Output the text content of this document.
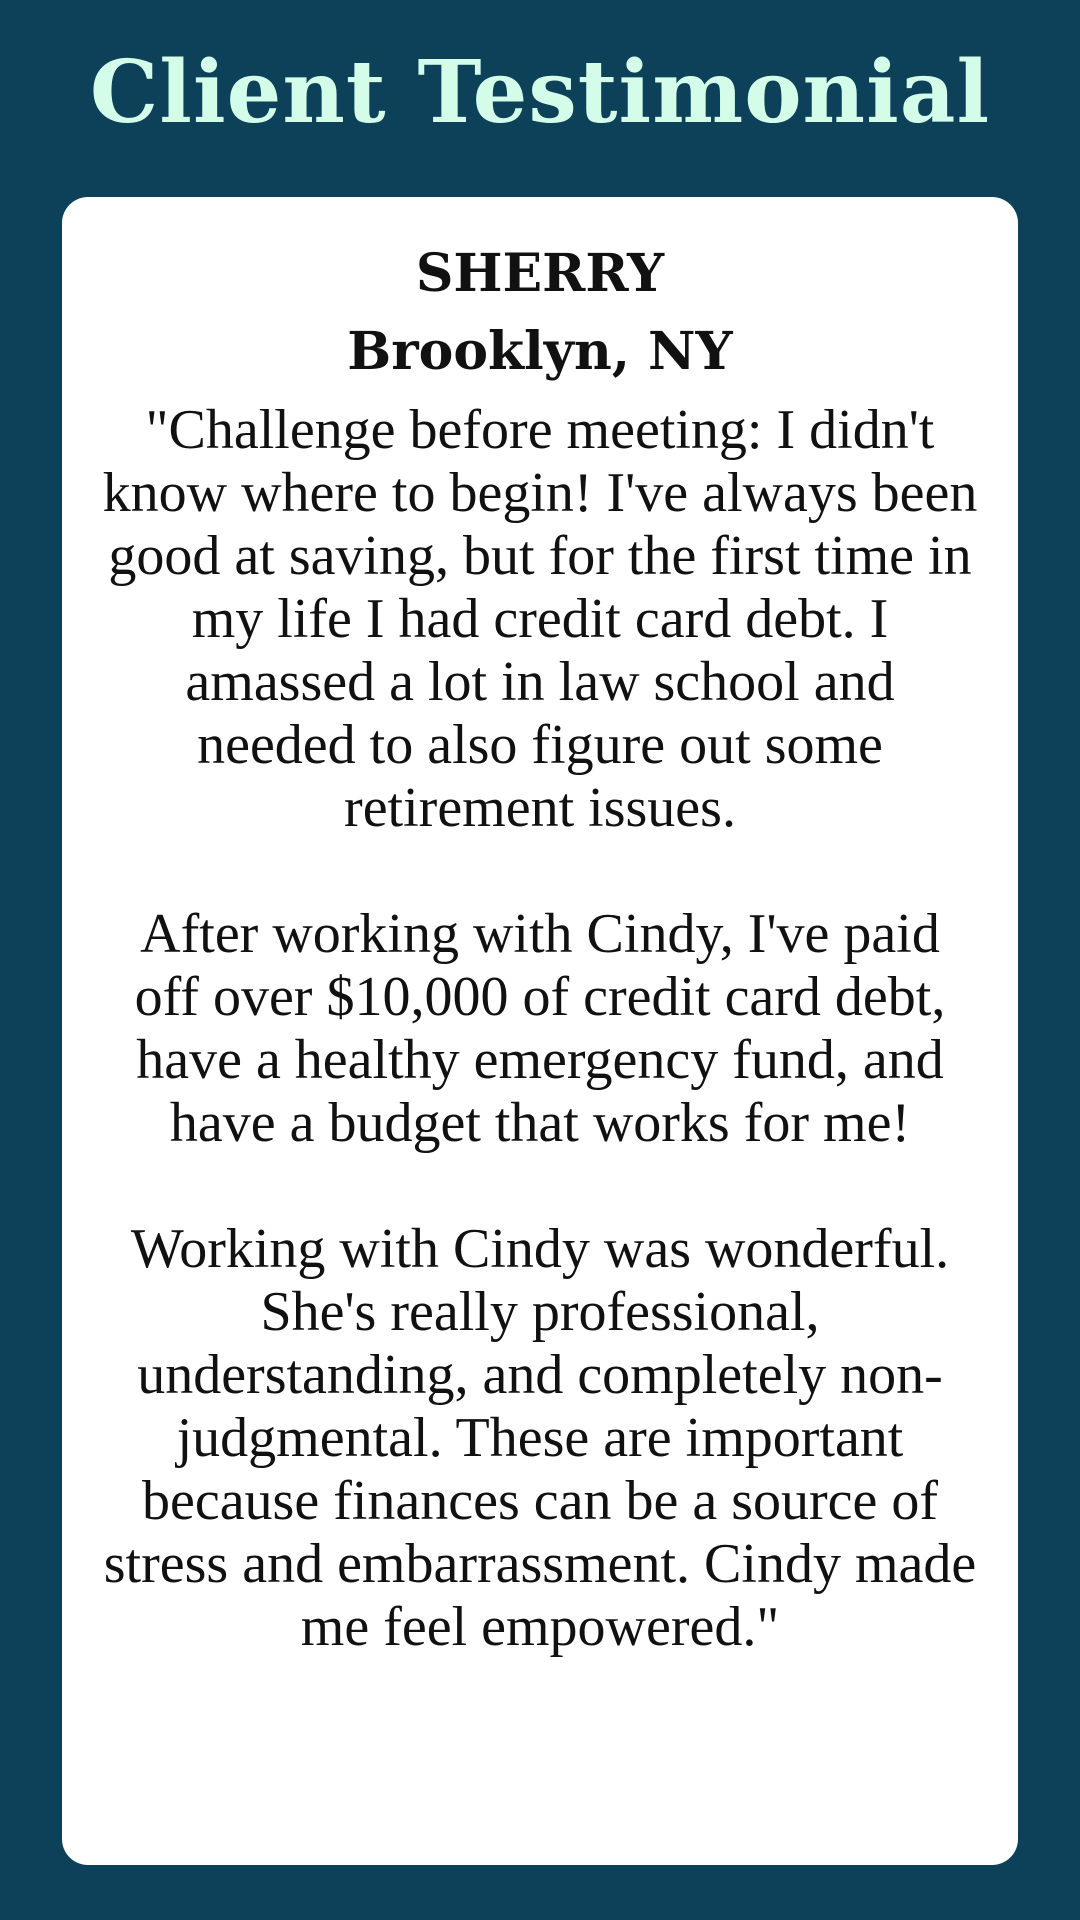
Client Testimonial
SHERRY
Brooklyn, NY

"Challenge before meeting: I didn't know where to begin! I've always been good at saving, but for the first time in my life I had credit card debt. I amassed a lot in law school and needed to also figure out some retirement issues.

After working with Cindy, I've paid off over $10,000 of credit card debt, have a healthy emergency fund, and have a budget that works for me!

Working with Cindy was wonderful. She's really professional, understanding, and completely non-judgmental. These are important because finances can be a source of stress and embarrassment. Cindy made me feel empowered."
